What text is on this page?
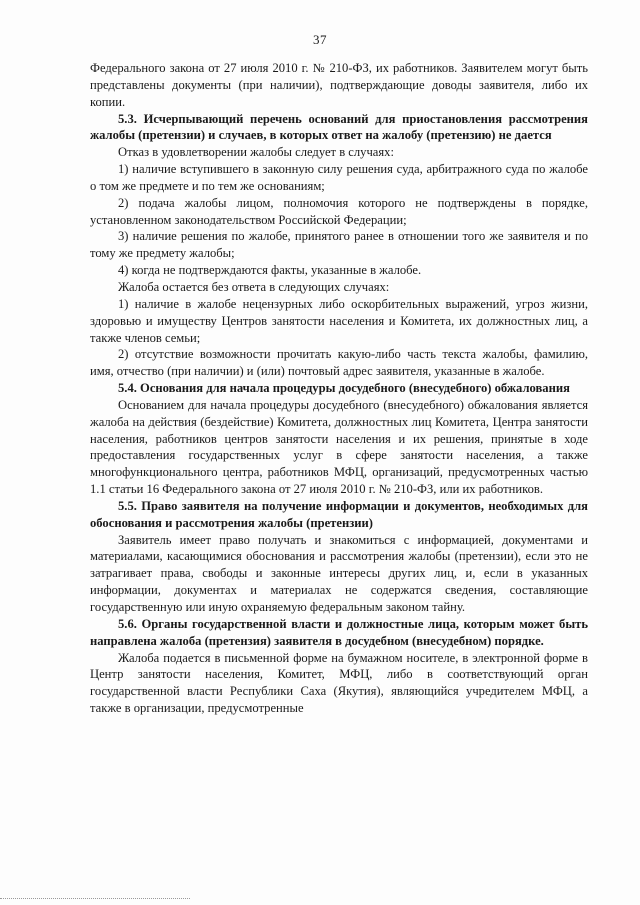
37

Федерального закона от 27 июля 2010 г. № 210-ФЗ, их работников. Заявителем могут быть представлены документы (при наличии), подтверждающие доводы заявителя, либо их копии.

5.3. Исчерпывающий перечень оснований для приостановления рассмотрения жалобы (претензии) и случаев, в которых ответ на жалобу (претензию) не дается

Отказ в удовлетворении жалобы следует в случаях:

1) наличие вступившего в законную силу решения суда, арбитражного суда по жалобе о том же предмете и по тем же основаниям;

2) подача жалобы лицом, полномочия которого не подтверждены в порядке, установленном законодательством Российской Федерации;

3) наличие решения по жалобе, принятого ранее в отношении того же заявителя и по тому же предмету жалобы;

4) когда не подтверждаются факты, указанные в жалобе.

Жалоба остается без ответа в следующих случаях:

1) наличие в жалобе нецензурных либо оскорбительных выражений, угроз жизни, здоровью и имуществу Центров занятости населения и Комитета, их должностных лиц, а также членов семьи;

2) отсутствие возможности прочитать какую-либо часть текста жалобы, фамилию, имя, отчество (при наличии) и (или) почтовый адрес заявителя, указанные в жалобе.

5.4. Основания для начала процедуры досудебного (внесудебного) обжалования

Основанием для начала процедуры досудебного (внесудебного) обжалования является жалоба на действия (бездействие) Комитета, должностных лиц Комитета, Центра занятости населения, работников центров занятости населения и их решения, принятые в ходе предоставления государственных услуг в сфере занятости населения, а также многофункционального центра, работников МФЦ, организаций, предусмотренных частью 1.1 статьи 16 Федерального закона от 27 июля 2010 г. № 210-ФЗ, или их работников.

5.5. Право заявителя на получение информации и документов, необходимых для обоснования и рассмотрения жалобы (претензии)

Заявитель имеет право получать и знакомиться с информацией, документами и материалами, касающимися обоснования и рассмотрения жалобы (претензии), если это не затрагивает права, свободы и законные интересы других лиц, и, если в указанных информации, документах и материалах не содержатся сведения, составляющие государственную или иную охраняемую федеральным законом тайну.

5.6. Органы государственной власти и должностные лица, которым может быть направлена жалоба (претензия) заявителя в досудебном (внесудебном) порядке.

Жалоба подается в письменной форме на бумажном носителе, в электронной форме в Центр занятости населения, Комитет, МФЦ, либо в соответствующий орган государственной власти Республики Саха (Якутия), являющийся учредителем МФЦ, а также в организации, предусмотренные
